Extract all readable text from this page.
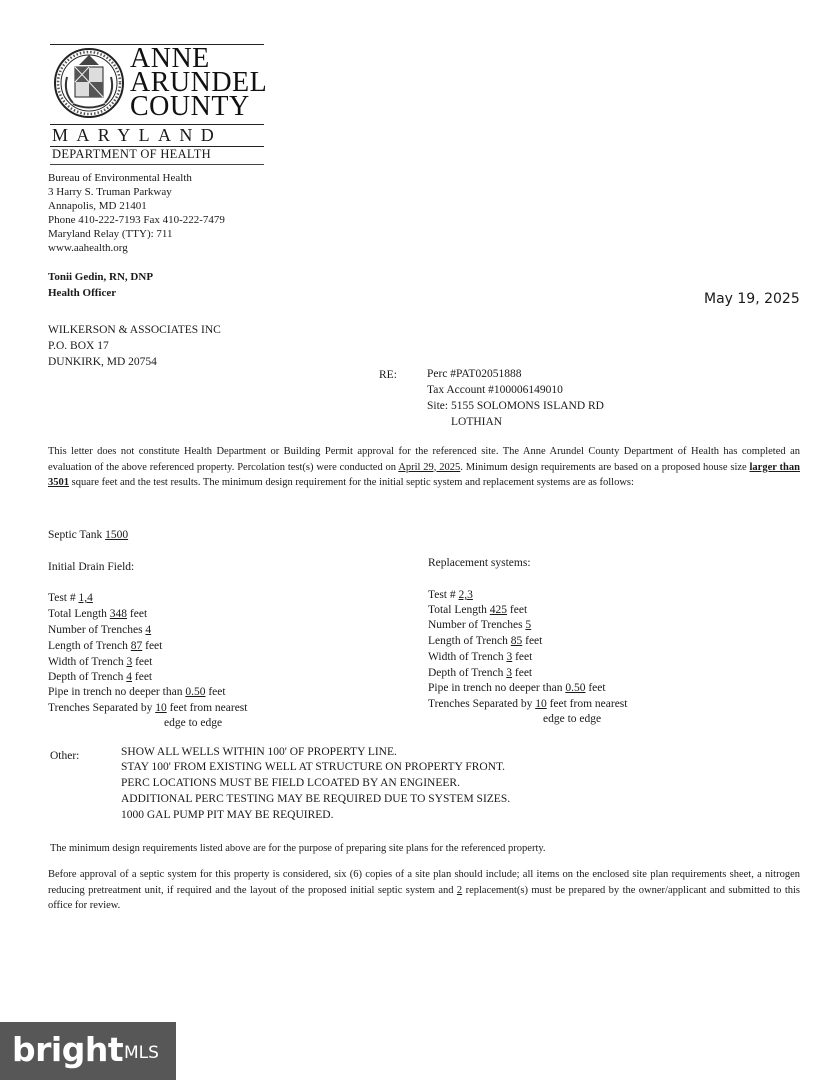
ANNE
ARUNDEL
COUNTY
MARYLAND
DEPARTMENT OF HEALTH
Bureau of Environmental Health
3 Harry S. Truman Parkway
Annapolis, MD 21401
Phone 410-222-7193 Fax 410-222-7479
Maryland Relay (TTY): 711
www.aahealth.org
Tonii Gedin, RN, DNP
Health Officer	May 19, 2025
WILKERSON & ASSOCIATES INC
P.O. BOX 17
DUNKIRK, MD 20754
RE:	Perc #PAT02051888
Tax Account #100006149010
Site: 5155 SOLOMONS ISLAND RD
LOTHIAN
This letter does not constitute Health Department or Building Permit approval for the referenced site. The Anne Arundel County Department of Health has completed an evaluation of the above referenced property. Percolation test(s) were conducted on April 29, 2025. Minimum design requirements are based on a proposed house size larger than 3501 square feet and the test results. The minimum design requirement for the initial septic system and replacement systems are as follows:
Septic Tank 1500
Initial Drain Field:
Test # 1,4
Total Length 348 feet
Number of Trenches 4
Length of Trench 87 feet
Width of Trench 3 feet
Depth of Trench 4 feet
Pipe in trench no deeper than 0.50 feet
Trenches Separated by 10 feet from nearest
edge to edge
Replacement systems:
Test # 2,3
Total Length 425 feet
Number of Trenches 5
Length of Trench 85 feet
Width of Trench 3 feet
Depth of Trench 3 feet
Pipe in trench no deeper than 0.50 feet
Trenches Separated by 10 feet from nearest
edge to edge
Other:	SHOW ALL WELLS WITHIN 100' OF PROPERTY LINE.
STAY 100' FROM EXISTING WELL AT STRUCTURE ON PROPERTY FRONT.
PERC LOCATIONS MUST BE FIELD LCOATED BY AN ENGINEER.
ADDITIONAL PERC TESTING MAY BE REQUIRED DUE TO SYSTEM SIZES.
1000 GAL PUMP PIT MAY BE REQUIRED.
The minimum design requirements listed above are for the purpose of preparing site plans for the referenced property.
Before approval of a septic system for this property is considered, six (6) copies of a site plan should include; all items on the enclosed site plan requirements sheet, a nitrogen reducing pretreatment unit, if required and the layout of the proposed initial septic system and 2 replacement(s) must be prepared by the owner/applicant and submitted to this office for review.
bright MLS
